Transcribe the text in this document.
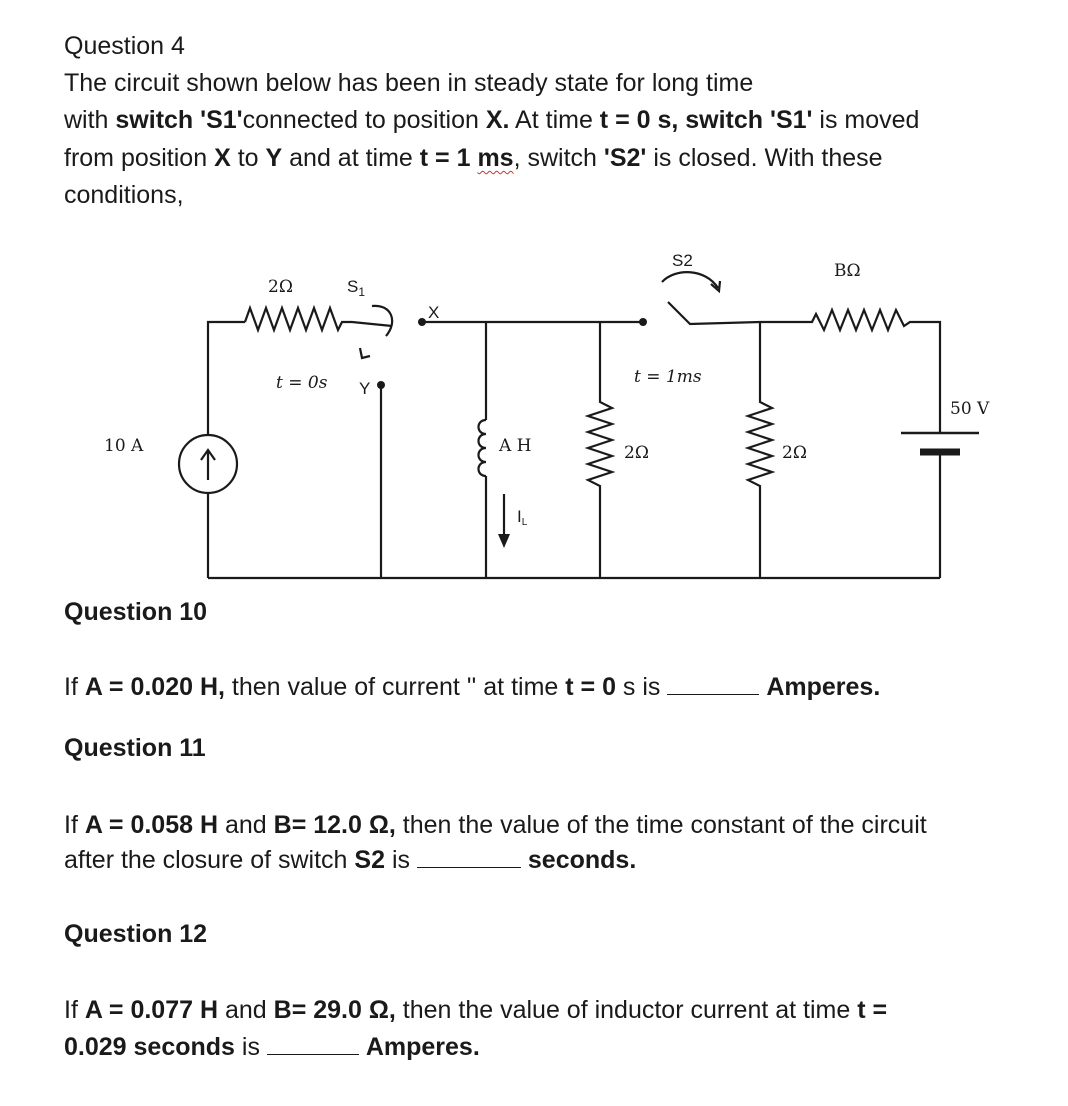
Question 4
The circuit shown below has been in steady state for long time
with switch 'S1'connected to position X. At time t = 0 s, switch 'S1' is moved
from position X to Y and at time t = 1 ms, switch 'S2' is closed. With these
conditions,
10 A
2Ω	$S_1$
t = 0s
X
Y
A H
IL
2Ω
S2
t = 1ms
2Ω
BΩ
50 V
Question 10
If A = 0.020 H, then value of current '' at time t = 0 s is	Amperes.
Question 11
If A = 0.058 H and B= 12.0 Ω, then the value of the time constant of the circuit
after the closure of switch S2 is	seconds.
Question 12
If A = 0.077 H and B= 29.0 Ω, then the value of inductor current at time t =
0.029 seconds is	Amperes.
